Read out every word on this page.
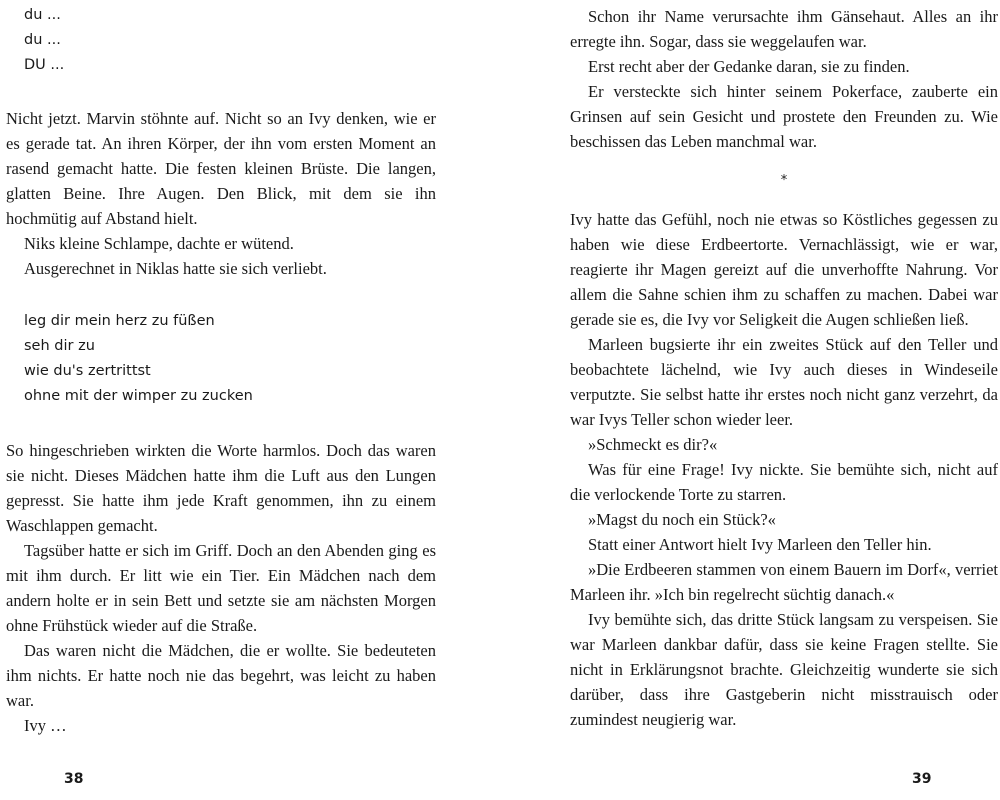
du ...
du ...
DU ...

Nicht jetzt. Marvin stöhnte auf. Nicht so an Ivy denken, wie er es gerade tat. An ihren Körper, der ihn vom ersten Moment an rasend gemacht hatte. Die festen kleinen Brüste. Die langen, glatten Beine. Ihre Augen. Den Blick, mit dem sie ihn hochmütig auf Abstand hielt.

Niks kleine Schlampe, dachte er wütend.

Ausgerechnet in Niklas hatte sie sich verliebt.

leg dir mein herz zu füßen
seh dir zu
wie du's zertrittst
ohne mit der wimper zu zucken

So hingeschrieben wirkten die Worte harmlos. Doch das waren sie nicht. Dieses Mädchen hatte ihm die Luft aus den Lungen gepresst. Sie hatte ihm jede Kraft genommen, ihn zu einem Waschlappen gemacht.

Tagsüber hatte er sich im Griff. Doch an den Abenden ging es mit ihm durch. Er litt wie ein Tier. Ein Mädchen nach dem andern holte er in sein Bett und setzte sie am nächsten Morgen ohne Frühstück wieder auf die Straße.

Das waren nicht die Mädchen, die er wollte. Sie bedeuteten ihm nichts. Er hatte noch nie das begehrt, was leicht zu haben war.

Ivy …

38

Schon ihr Name verursachte ihm Gänsehaut. Alles an ihr erregte ihn. Sogar, dass sie weggelaufen war.

Erst recht aber der Gedanke daran, sie zu finden.

Er versteckte sich hinter seinem Pokerface, zauberte ein Grinsen auf sein Gesicht und prostete den Freunden zu. Wie beschissen das Leben manchmal war.

*

Ivy hatte das Gefühl, noch nie etwas so Köstliches gegessen zu haben wie diese Erdbeertorte. Vernachlässigt, wie er war, reagierte ihr Magen gereizt auf die unverhoffte Nahrung. Vor allem die Sahne schien ihm zu schaffen zu machen. Dabei war gerade sie es, die Ivy vor Seligkeit die Augen schließen ließ.

Marleen bugsierte ihr ein zweites Stück auf den Teller und beobachtete lächelnd, wie Ivy auch dieses in Windeseile verputzte. Sie selbst hatte ihr erstes noch nicht ganz verzehrt, da war Ivys Teller schon wieder leer.

»Schmeckt es dir?«

Was für eine Frage! Ivy nickte. Sie bemühte sich, nicht auf die verlockende Torte zu starren.

»Magst du noch ein Stück?«

Statt einer Antwort hielt Ivy Marleen den Teller hin.

»Die Erdbeeren stammen von einem Bauern im Dorf«, verriet Marleen ihr. »Ich bin regelrecht süchtig danach.«

Ivy bemühte sich, das dritte Stück langsam zu verspeisen. Sie war Marleen dankbar dafür, dass sie keine Fragen stellte. Sie nicht in Erklärungsnot brachte. Gleichzeitig wunderte sie sich darüber, dass ihre Gastgeberin nicht misstrauisch oder zumindest neugierig war.

39
